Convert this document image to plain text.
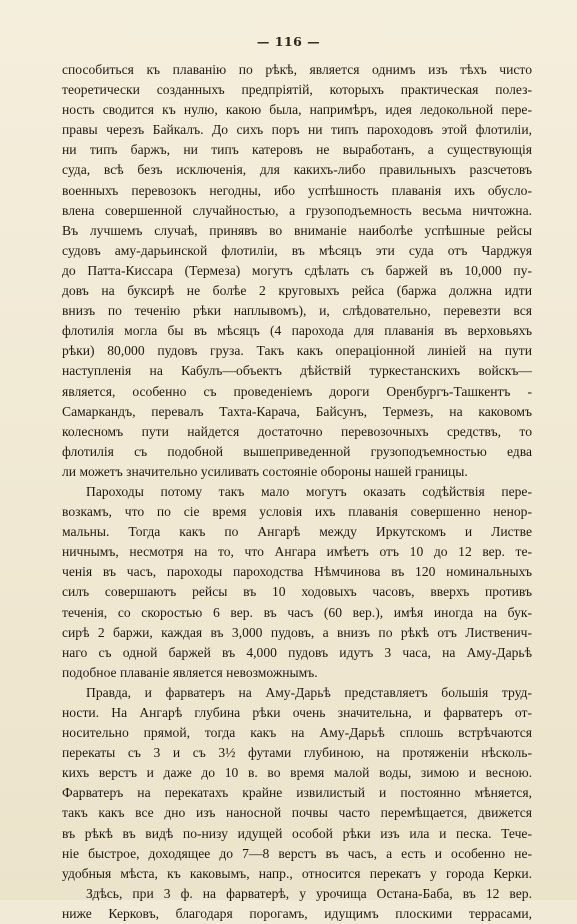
— 116 —
способиться къ плаванію по рѣкѣ, является однимъ изъ тѣхъ чисто
теоретически созданныхъ предпріятій, которыхъ практическая полез-
ность сводится къ нулю, какою была, напримѣръ, идея ледокольной пере-
правы черезъ Байкалъ. До сихъ поръ ни типъ пароходовъ этой флотиліи,
ни типъ баржъ, ни типъ катеровъ не выработанъ, а существующія
суда, всѣ безъ исключенія, для какихъ-либо правильныхъ разсчетовъ
военныхъ перевозокъ негодны, ибо успѣшность плаванія ихъ обусло-
влена совершенной случайностью, а грузоподъемность весьма ничтожна.
Въ лучшемъ случаѣ, принявъ во вниманіе наиболѣе успѣшные рейсы
судовъ аму-дарьинской флотиліи, въ мѣсяцъ эти суда отъ Чарджуя
до Патта-Киссара (Термеза) могутъ сдѣлать съ баржей въ 10,000 пу-
довъ на буксирѣ не болѣе 2 круговыхъ рейса (баржа должна идти
внизъ по теченію рѣки наплывомъ), и, слѣдовательно, перевезти вся
флотилія могла бы въ мѣсяцъ (4 парохода для плаванія въ верховьяхъ
рѣки) 80,000 пудовъ груза. Такъ какъ операціонной линіей на пути
наступленія на Кабулъ—объектъ дѣйствій туркестанскихъ войскъ—
является, особенно съ проведеніемъ дороги Оренбургъ-Ташкентъ -
Самаркандъ, перевалъ Тахта-Карача, Байсунъ, Термезъ, на каковомъ
колесномъ пути найдется достаточно перевозочныхъ средствъ, то
флотилія съ подобной вышеприведенной грузоподъемностью едва
ли можетъ значительно усиливать состояніе обороны нашей границы.
Пароходы потому такъ мало могутъ оказать содѣйствія пере-
возкамъ, что по сіе время условія ихъ плаванія совершенно ненор-
мальны. Тогда какъ по Ангарѣ между Иркутскомъ и Листве
ничнымъ, несмотря на то, что Ангара имѣетъ отъ 10 до 12 вер. те-
ченія въ часъ, пароходы пароходства Нѣмчинова въ 120 номинальныхъ
силъ совершаютъ рейсы въ 10 ходовыхъ часовъ, вверхъ противъ
теченія, со скоростью 6 вер. въ часъ (60 вер.), имѣя иногда на бук-
сирѣ 2 баржи, каждая въ 3,000 пудовъ, а внизъ по рѣкѣ отъ Лиственич-
наго съ одной баржей въ 4,000 пудовъ идутъ 3 часа, на Аму-Дарьѣ
подобное плаваніе является невозможнымъ.
Правда, и фарватеръ на Аму-Дарьѣ представляетъ большія труд-
ности. На Ангарѣ глубина рѣки очень значительна, и фарватеръ от-
носительно прямой, тогда какъ на Аму-Дарьѣ сплошь встрѣчаются
перекаты съ 3 и съ 3½ футами глубиною, на протяженіи нѣсколь-
кихъ верстъ и даже до 10 в. во время малой воды, зимою и весною.
Фарватеръ на перекатахъ крайне извилистый и постоянно мѣняется,
такъ какъ все дно изъ наносной почвы часто перемѣщается, движется
въ рѣкѣ въ видѣ по-низу идущей особой рѣки изъ ила и песка. Тече-
ніе быстрое, доходящее до 7—8 верстъ въ часъ, а есть и особенно не-
удобныя мѣста, къ каковымъ, напр., относится перекатъ у города Керки.
Здѣсь, при 3 ф. на фарватерѣ, у урочища Остана-Баба, въ 12 вер.
ниже Керковъ, благодаря порогамъ, идущимъ плоскими террасами,
